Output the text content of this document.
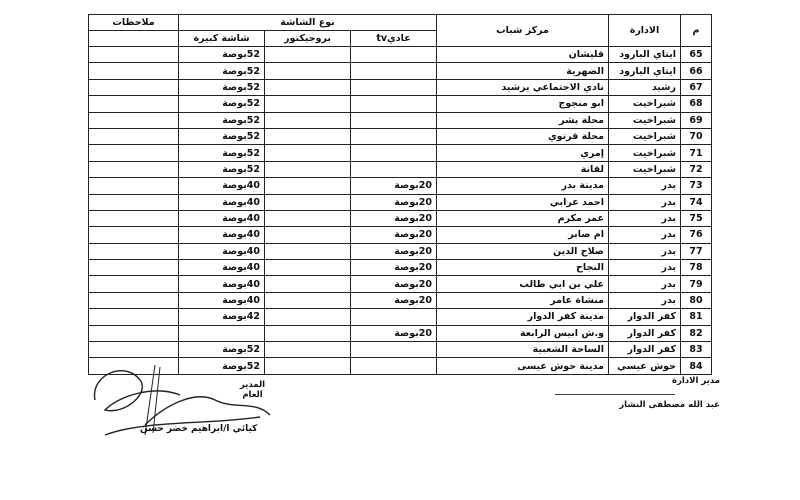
م	الادارة	مركز شباب	نوع الشاشة			ملاحظات
			عاديtv	بروجيكتور	شاشة كبيرة	
65	ايتاي البارود	قليشان			52بوصة	
66	ايتاي البارود	الضهرية			52بوصة	
67	رشيد	نادي الاجتماعي برشيد			52بوصة	
68	شبراخيت	ابو منجوج			52بوصة	
69	شبراخيت	محلة بشر			52بوصة	
70	شبراخيت	محلة قرتوي			52بوصة	
71	شبراخيت	إمري			52بوصة	
72	شبراخيت	لقانة			52بوصة	
73	بدر	مدينة بدر	20بوصة		40بوصة	
74	بدر	احمد عرابي	20بوصة		40بوصة	
75	بدر	عمر مكرم	20بوصة		40بوصة	
76	بدر	ام صابر	20بوصة		40بوصة	
77	بدر	صلاح الدين	20بوصة		40بوصة	
78	بدر	النجاح	20بوصة		40بوصة	
79	بدر	علي بن ابي طالب	20بوصة		40بوصة	
80	بدر	منشاة عامر	20بوصة		40بوصة	
81	كفر الدوار	مدينة كفر الدوار			42بوصة	
82	كفر الدوار	و.ش ابيس الرابعة	20بوصة			
83	كفر الدوار	الساحة الشعبية			52بوصة	
84	حوش عيسي	مدينة حوش عيسى			52بوصة	
مدير الادارة
عبد الله مصطفى النشار
المدير العام
كيائي ا/ابراهيم خضر حسن
